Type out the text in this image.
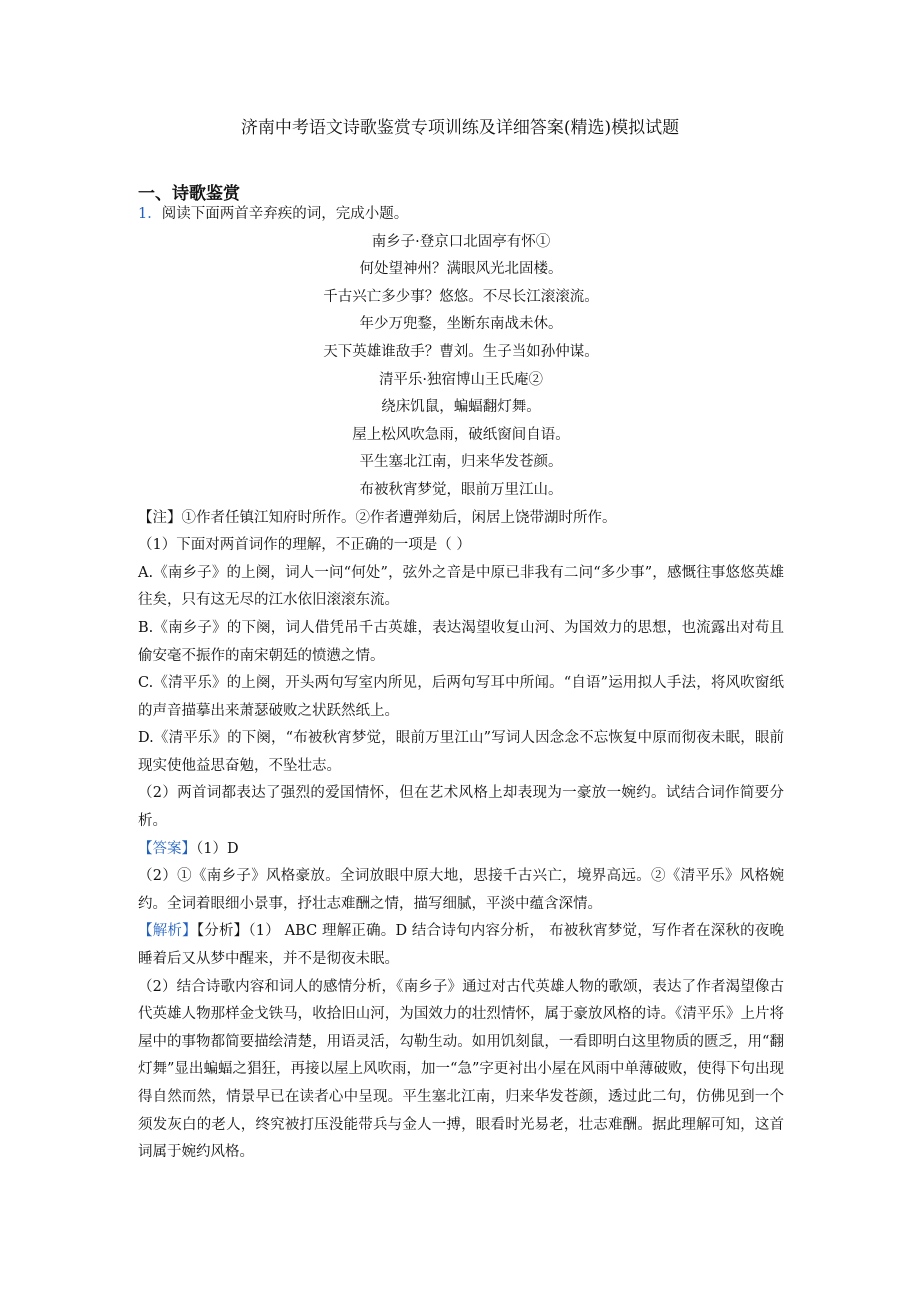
济南中考语文诗歌鉴赏专项训练及详细答案(精选)模拟试题
一、诗歌鉴赏

1．阅读下面两首辛弃疾的词，完成小题。

南乡子·登京口北固亭有怀①

何处望神州？满眼风光北固楼。

千古兴亡多少事？悠悠。不尽长江滚滚流。

年少万兜鍪，坐断东南战未休。

天下英雄谁敌手？曹刘。生子当如孙仲谋。

清平乐·独宿博山王氏庵②

绕床饥鼠，蝙蝠翻灯舞。

屋上松风吹急雨，破纸窗间自语。

平生塞北江南，归来华发苍颜。

布被秋宵梦觉，眼前万里江山。

【注】①作者任镇江知府时所作。②作者遭弹劾后，闲居上饶带湖时所作。

（1）下面对两首词作的理解，不正确的一项是（ ）

A.《南乡子》的上阕，词人一问“何处”，弦外之音是中原已非我有二问“多少事”，感慨往事悠悠英雄往矣，只有这无尽的江水依旧滚滚东流。

B.《南乡子》的下阕，词人借凭吊千古英雄，表达渴望收复山河、为国效力的思想，也流露出对苟且偷安毫不振作的南宋朝廷的愤懑之情。

C.《清平乐》的上阕，开头两句写室内所见，后两句写耳中所闻。“自语”运用拟人手法，将风吹窗纸的声音描摹出来萧瑟破败之状跃然纸上。

D.《清平乐》的下阕，“布被秋宵梦觉，眼前万里江山”写词人因念念不忘恢复中原而彻夜未眠，眼前现实使他益思奋勉，不坠壮志。

（2）两首词都表达了强烈的爱国情怀，但在艺术风格上却表现为一豪放一婉约。试结合词作简要分析。

【答案】（1）D

（2）①《南乡子》风格豪放。全词放眼中原大地，思接千古兴亡，境界高远。②《清平乐》风格婉约。全词着眼细小景事，抒壮志难酬之情，描写细腻，平淡中蕴含深情。

【解析】【分析】（1） ABC 理解正确。D 结合诗句内容分析， 布被秋宵梦觉，写作者在深秋的夜晚睡着后又从梦中醒来，并不是彻夜未眠。

（2）结合诗歌内容和词人的感情分析，《南乡子》通过对古代英雄人物的歌颂，表达了作者渴望像古代英雄人物那样金戈铁马，收拾旧山河，为国效力的壮烈情怀，属于豪放风格的诗。《清平乐》上片将屋中的事物都简要描绘清楚，用语灵活，勾勒生动。如用饥刻鼠，一看即明白这里物质的匮乏，用“翻灯舞”显出蝙蝠之猖狂，再接以屋上风吹雨，加一“急”字更衬出小屋在风雨中单薄破败，使得下句出现得自然而然，情景早已在读者心中呈现。平生塞北江南，归来华发苍颜，透过此二句，仿佛见到一个须发灰白的老人，终究被打压没能带兵与金人一搏，眼看时光易老，壮志难酬。据此理解可知，这首词属于婉约风格。
